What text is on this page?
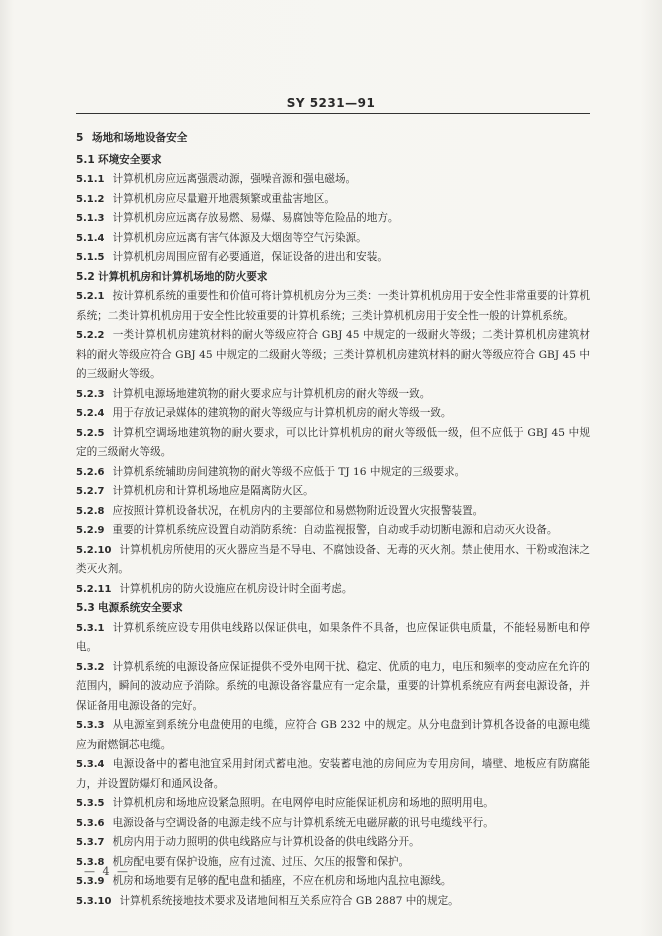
SY 5231—91
5 场地和场地设备安全
5.1 环境安全要求

5.1.1 计算机机房应远离强震动源，强噪音源和强电磁场。

5.1.2 计算机机房应尽量避开地震频繁或重盐害地区。

5.1.3 计算机机房应远离存放易燃、易爆、易腐蚀等危险品的地方。

5.1.4 计算机机房应远离有害气体源及大烟囱等空气污染源。

5.1.5 计算机机房周围应留有必要通道，保证设备的进出和安装。

5.2 计算机机房和计算机场地的防火要求

5.2.1 按计算机系统的重要性和价值可将计算机机房分为三类：一类计算机机房用于安全性非常重要的计算机系统；二类计算机机房用于安全性比较重要的计算机系统；三类计算机机房用于安全性一般的计算机系统。

5.2.2 一类计算机机房建筑材料的耐火等级应符合 GBJ 45 中规定的一级耐火等级；二类计算机机房建筑材料的耐火等级应符合 GBJ 45 中规定的二级耐火等级；三类计算机机房建筑材料的耐火等级应符合 GBJ 45 中的三级耐火等级。

5.2.3 计算机电源场地建筑物的耐火要求应与计算机机房的耐火等级一致。

5.2.4 用于存放记录媒体的建筑物的耐火等级应与计算机机房的耐火等级一致。

5.2.5 计算机空调场地建筑物的耐火要求，可以比计算机机房的耐火等级低一级，但不应低于 GBJ 45 中规定的三级耐火等级。

5.2.6 计算机系统辅助房间建筑物的耐火等级不应低于 TJ 16 中规定的三级要求。

5.2.7 计算机机房和计算机场地应是隔离防火区。

5.2.8 应按照计算机设备状况，在机房内的主要部位和易燃物附近设置火灾报警装置。

5.2.9 重要的计算机系统应设置自动消防系统：自动监视报警，自动或手动切断电源和启动灭火设备。

5.2.10 计算机机房所使用的灭火器应当是不导电、不腐蚀设备、无毒的灭火剂。禁止使用水、干粉或泡沫之类灭火剂。

5.2.11 计算机机房的防火设施应在机房设计时全面考虑。

5.3 电源系统安全要求

5.3.1 计算机系统应设专用供电线路以保证供电，如果条件不具备，也应保证供电质量，不能轻易断电和停电。

5.3.2 计算机系统的电源设备应保证提供不受外电网干扰、稳定、优质的电力，电压和频率的变动应在允许的范围内，瞬间的波动应予消除。系统的电源设备容量应有一定余量，重要的计算机系统应有两套电源设备，并保证备用电源设备的完好。

5.3.3 从电源室到系统分电盘使用的电缆，应符合 GB 232 中的规定。从分电盘到计算机各设备的电源电缆应为耐燃铜芯电缆。

5.3.4 电源设备中的蓄电池宜采用封闭式蓄电池。安装蓄电池的房间应为专用房间，墙壁、地板应有防腐能力，并设置防爆灯和通风设备。

5.3.5 计算机机房和场地应设紧急照明。在电网停电时应能保证机房和场地的照明用电。

5.3.6 电源设备与空调设备的电源走线不应与计算机系统无电磁屏蔽的讯号电缆线平行。

5.3.7 机房内用于动力照明的供电线路应与计算机设备的供电线路分开。

5.3.8 机房配电要有保护设施，应有过流、过压、欠压的报警和保护。

5.3.9 机房和场地要有足够的配电盘和插座，不应在机房和场地内乱拉电源线。

5.3.10 计算机系统接地技术要求及诸地间相互关系应符合 GB 2887 中的规定。

— 4 —
